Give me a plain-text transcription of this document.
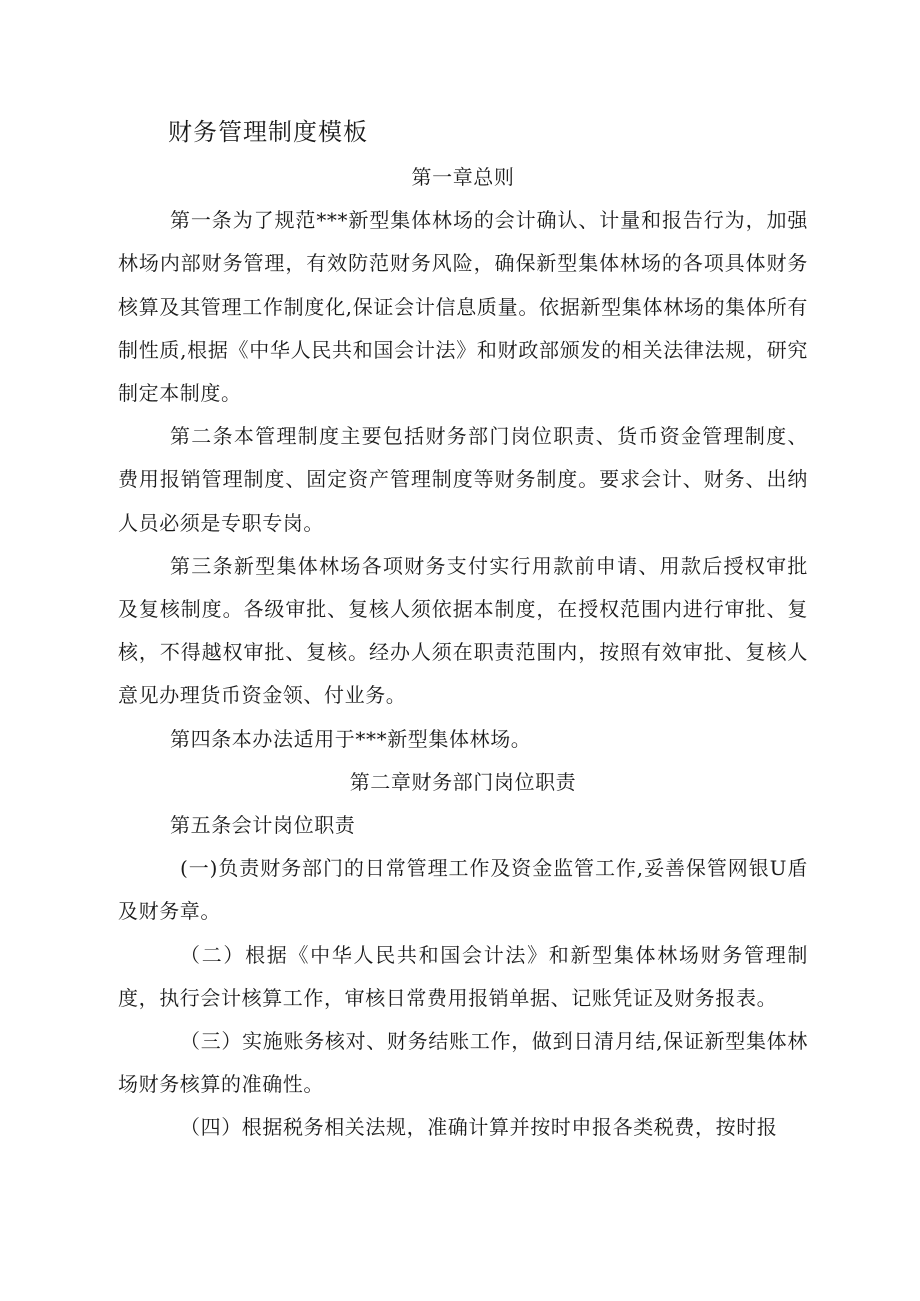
财务管理制度模板

第一章总则

第一条为了规范***新型集体林场的会计确认、计量和报告行为，加强林场内部财务管理，有效防范财务风险，确保新型集体林场的各项具体财务核算及其管理工作制度化,保证会计信息质量。依据新型集体林场的集体所有制性质,根据《中华人民共和国会计法》和财政部颁发的相关法律法规，研究制定本制度。

第二条本管理制度主要包括财务部门岗位职责、货币资金管理制度、费用报销管理制度、固定资产管理制度等财务制度。要求会计、财务、出纳人员必须是专职专岗。

第三条新型集体林场各项财务支付实行用款前申请、用款后授权审批及复核制度。各级审批、复核人须依据本制度，在授权范围内进行审批、复核，不得越权审批、复核。经办人须在职责范围内，按照有效审批、复核人意见办理货币资金领、付业务。

第四条本办法适用于***新型集体林场。

第二章财务部门岗位职责

第五条会计岗位职责

(一)负责财务部门的日常管理工作及资金监管工作,妥善保管网银U盾及财务章。

（二）根据《中华人民共和国会计法》和新型集体林场财务管理制度，执行会计核算工作，审核日常费用报销单据、记账凭证及财务报表。

（三）实施账务核对、财务结账工作，做到日清月结,保证新型集体林场财务核算的准确性。

（四）根据税务相关法规，准确计算并按时申报各类税费，按时报
